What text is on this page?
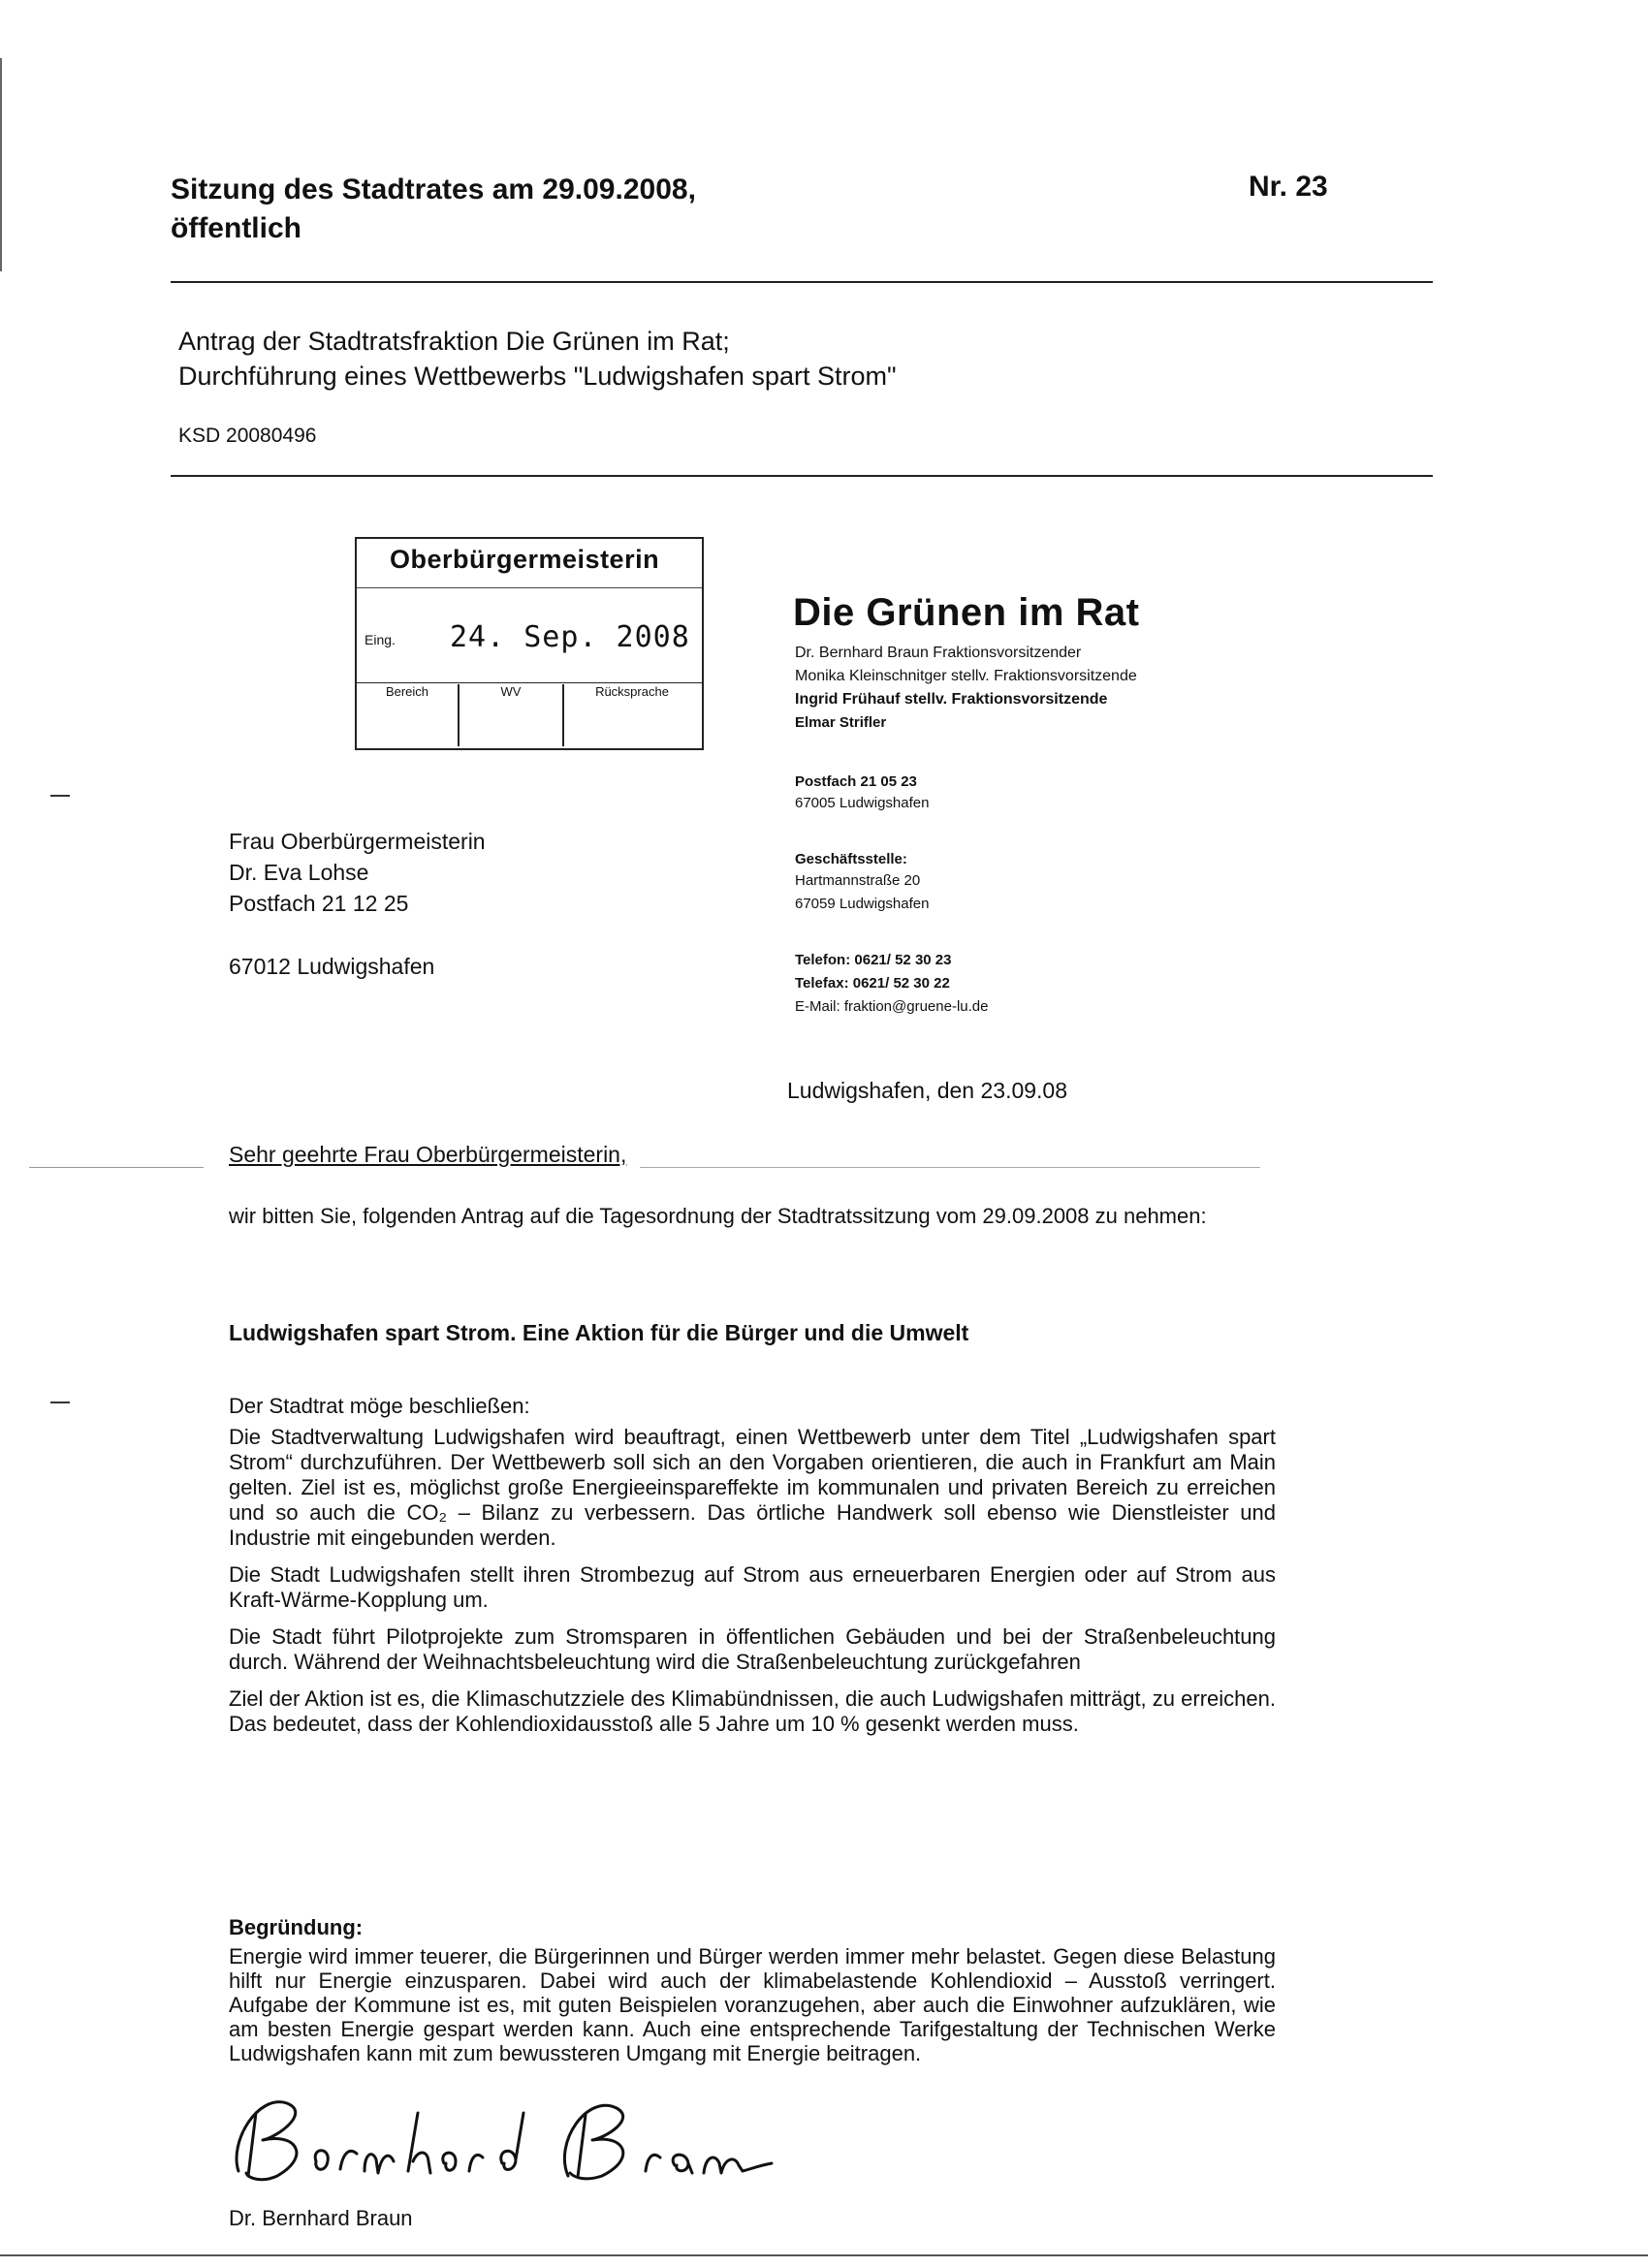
Sitzung des Stadtrates am 29.09.2008,
öffentlich
Nr. 23
Antrag der Stadtratsfraktion Die Grünen im Rat;
Durchführung eines Wettbewerbs "Ludwigshafen spart Strom"
KSD 20080496
Oberbürgermeisterin
Eing. 24. Sep. 2008
Bereich	WV	Rücksprache
Die Grünen im Rat
Dr. Bernhard Braun Fraktionsvorsitzender
Monika Kleinschnitger stellv. Fraktionsvorsitzende
Ingrid Frühauf stellv. Fraktionsvorsitzende
Elmar Strifler
Postfach 21 05 23
67005 Ludwigshafen
Geschäftsstelle:
Hartmannstraße 20
67059 Ludwigshafen
Telefon: 0621/ 52 30 23
Telefax: 0621/ 52 30 22
E-Mail: fraktion@gruene-lu.de
Frau Oberbürgermeisterin
Dr. Eva Lohse
Postfach 21 12 25
67012 Ludwigshafen
Ludwigshafen, den 23.09.08
Sehr geehrte Frau Oberbürgermeisterin,
wir bitten Sie, folgenden Antrag auf die Tagesordnung der Stadtratssitzung vom 29.09.2008 zu nehmen:
Ludwigshafen spart Strom. Eine Aktion für die Bürger und die Umwelt

Der Stadtrat möge beschließen:

Die Stadtverwaltung Ludwigshafen wird beauftragt, einen Wettbewerb unter dem Titel „Ludwigshafen spart Strom“ durchzuführen. Der Wettbewerb soll sich an den Vorgaben orientieren, die auch in Frankfurt am Main gelten. Ziel ist es, möglichst große Energieeinspareffekte im kommunalen und privaten Bereich zu erreichen und so auch die CO₂ – Bilanz zu verbessern. Das örtliche Handwerk soll ebenso wie Dienstleister und Industrie mit eingebunden werden.

Die Stadt Ludwigshafen stellt ihren Strombezug auf Strom aus erneuerbaren Energien oder auf Strom aus Kraft-Wärme-Kopplung um.

Die Stadt führt Pilotprojekte zum Stromsparen in öffentlichen Gebäuden und bei der Straßenbeleuchtung durch. Während der Weihnachtsbeleuchtung wird die Straßenbeleuchtung zurückgefahren

Ziel der Aktion ist es, die Klimaschutzziele des Klimabündnissen, die auch Ludwigshafen mitträgt, zu erreichen. Das bedeutet, dass der Kohlendioxidausstoß alle 5 Jahre um 10 % gesenkt werden muss.

Begründung:
Energie wird immer teuerer, die Bürgerinnen und Bürger werden immer mehr belastet. Gegen diese Belastung hilft nur Energie einzusparen. Dabei wird auch der klimabelastende Kohlendioxid – Ausstoß verringert. Aufgabe der Kommune ist es, mit guten Beispielen voranzugehen, aber auch die Einwohner aufzuklären, wie am besten Energie gespart werden kann. Auch eine entsprechende Tarifgestaltung der Technischen Werke Ludwigshafen kann mit zum bewussteren Umgang mit Energie beitragen.
Dr. Bernhard Braun
